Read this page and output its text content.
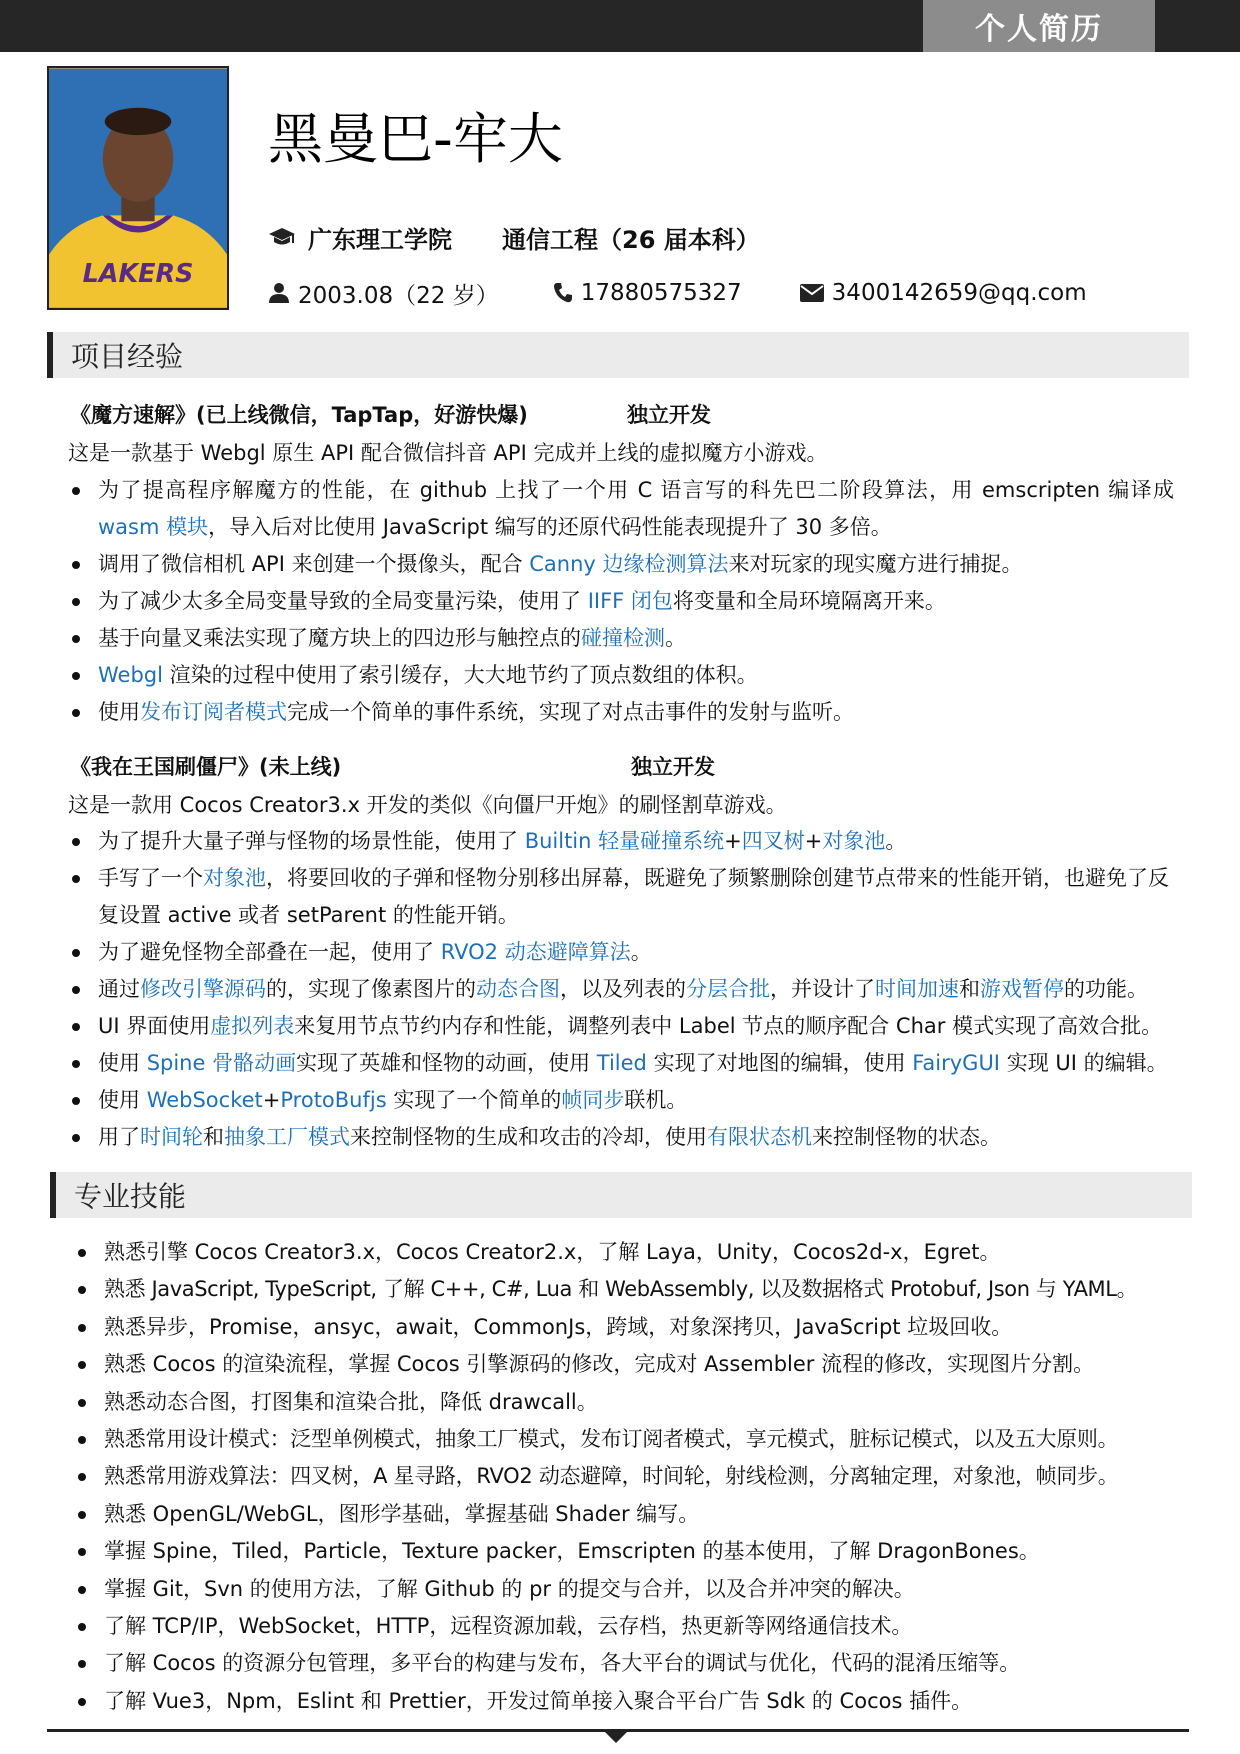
个人简历
LAKERS
黑曼巴-牢大
广东理工学院 通信工程（26 届本科）
2003.08（22 岁）	17880575327	3400142659@qq.com
项目经验
《魔方速解》(已上线微信，TapTap，好游快爆)	独立开发
这是一款基于 Webgl 原生 API 配合微信抖音 API 完成并上线的虚拟魔方小游戏。
为了提高程序解魔方的性能，在 github 上找了一个用 C 语言写的科先巴二阶段算法，用 emscripten 编译成wasm 模块，导入后对比使用 JavaScript 编写的还原代码性能表现提升了 30 多倍。
调用了微信相机 API 来创建一个摄像头，配合 Canny 边缘检测算法来对玩家的现实魔方进行捕捉。
为了减少太多全局变量导致的全局变量污染，使用了 IIFF 闭包将变量和全局环境隔离开来。
基于向量叉乘法实现了魔方块上的四边形与触控点的碰撞检测。
Webgl 渲染的过程中使用了索引缓存，大大地节约了顶点数组的体积。
使用发布订阅者模式完成一个简单的事件系统，实现了对点击事件的发射与监听。
《我在王国刷僵尸》(未上线)	独立开发
这是一款用 Cocos Creator3.x 开发的类似《向僵尸开炮》的刷怪割草游戏。
为了提升大量子弹与怪物的场景性能，使用了 Builtin 轻量碰撞系统+四叉树+对象池。
手写了一个对象池，将要回收的子弹和怪物分别移出屏幕，既避免了频繁删除创建节点带来的性能开销，也避免了反复设置 active 或者 setParent 的性能开销。
为了避免怪物全部叠在一起，使用了 RVO2 动态避障算法。
通过修改引擎源码的，实现了像素图片的动态合图，以及列表的分层合批，并设计了时间加速和游戏暂停的功能。
UI 界面使用虚拟列表来复用节点节约内存和性能，调整列表中 Label 节点的顺序配合 Char 模式实现了高效合批。
使用 Spine 骨骼动画实现了英雄和怪物的动画，使用 Tiled 实现了对地图的编辑，使用 FairyGUI 实现 UI 的编辑。
使用 WebSocket+ProtoBufjs 实现了一个简单的帧同步联机。
用了时间轮和抽象工厂模式来控制怪物的生成和攻击的冷却，使用有限状态机来控制怪物的状态。
专业技能
熟悉引擎 Cocos Creator3.x，Cocos Creator2.x，了解 Laya，Unity，Cocos2d-x，Egret。
熟悉 JavaScript, TypeScript, 了解 C++, C#, Lua 和 WebAssembly, 以及数据格式 Protobuf, Json 与 YAML。
熟悉异步，Promise，ansyc，await，CommonJs，跨域，对象深拷贝，JavaScript 垃圾回收。
熟悉 Cocos 的渲染流程，掌握 Cocos 引擎源码的修改，完成对 Assembler 流程的修改，实现图片分割。
熟悉动态合图，打图集和渲染合批，降低 drawcall。
熟悉常用设计模式：泛型单例模式，抽象工厂模式，发布订阅者模式，享元模式，脏标记模式，以及五大原则。
熟悉常用游戏算法：四叉树，A 星寻路，RVO2 动态避障，时间轮，射线检测，分离轴定理，对象池，帧同步。
熟悉 OpenGL/WebGL，图形学基础，掌握基础 Shader 编写。
掌握 Spine，Tiled，Particle，Texture packer，Emscripten 的基本使用，了解 DragonBones。
掌握 Git，Svn 的使用方法，了解 Github 的 pr 的提交与合并，以及合并冲突的解决。
了解 TCP/IP，WebSocket，HTTP，远程资源加载，云存档，热更新等网络通信技术。
了解 Cocos 的资源分包管理，多平台的构建与发布，各大平台的调试与优化，代码的混淆压缩等。
了解 Vue3，Npm，Eslint 和 Prettier，开发过简单接入聚合平台广告 Sdk 的 Cocos 插件。
